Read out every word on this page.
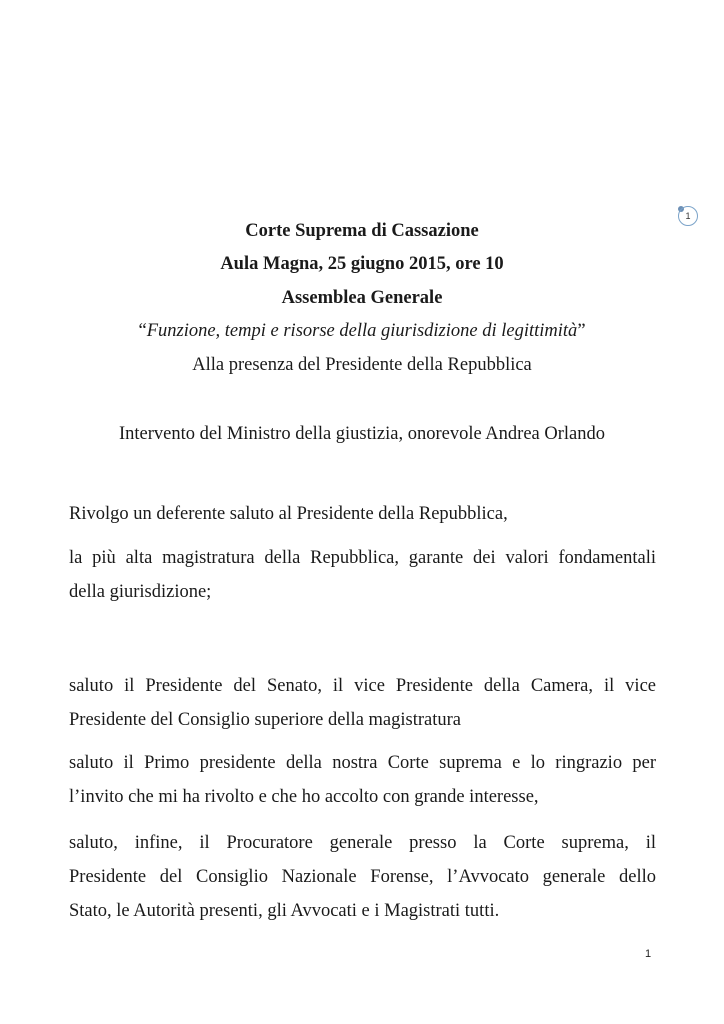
1
Corte Suprema di Cassazione
Aula Magna, 25 giugno 2015, ore 10
Assemblea Generale
“Funzione, tempi e risorse della giurisdizione di legittimità”
Alla presenza del Presidente della Repubblica
Intervento del Ministro della giustizia, onorevole Andrea Orlando
Rivolgo un deferente saluto al Presidente della Repubblica,
la più alta magistratura della Repubblica, garante dei valori fondamentali
della giurisdizione;
saluto il Presidente del Senato, il vice Presidente della Camera, il vice
Presidente del Consiglio superiore della magistratura
saluto il Primo presidente della nostra Corte suprema e lo ringrazio per
l’invito che mi ha rivolto e che ho accolto con grande interesse,
saluto, infine, il Procuratore generale presso la Corte suprema, il
Presidente del Consiglio Nazionale Forense, l’Avvocato generale dello
Stato, le Autorità presenti, gli Avvocati e i Magistrati tutti.
1
